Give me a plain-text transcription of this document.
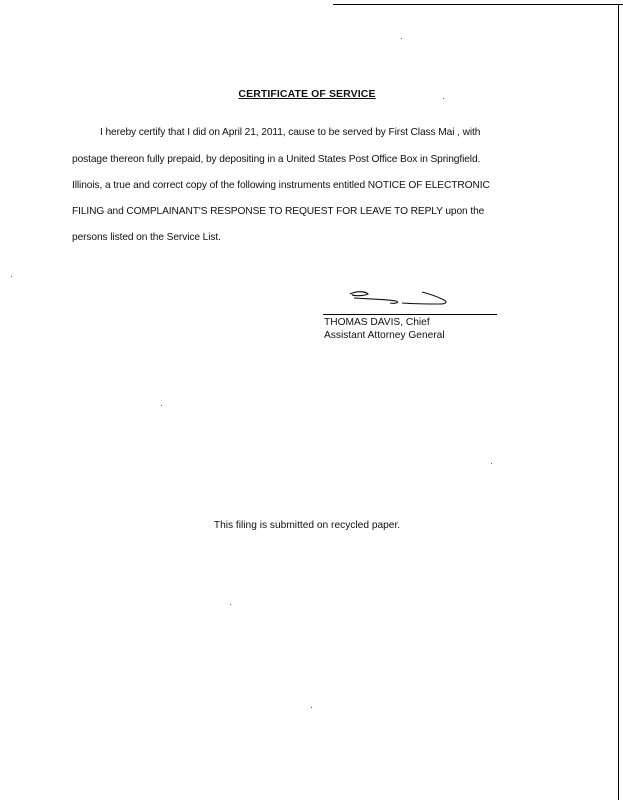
CERTIFICATE OF SERVICE
I hereby certify that I did on April 21, 2011, cause to be served by First Class Mai , with
postage thereon fully prepaid, by depositing in a United States Post Office Box in Springfield.
Illinois, a true and correct copy of the following instruments entitled NOTICE OF ELECTRONIC
FILING and COMPLAINANT'S RESPONSE TO REQUEST FOR LEAVE TO REPLY upon the
persons listed on the Service List.
THOMAS DAVIS, Chief
Assistant Attorney General
This filing is submitted on recycled paper.
